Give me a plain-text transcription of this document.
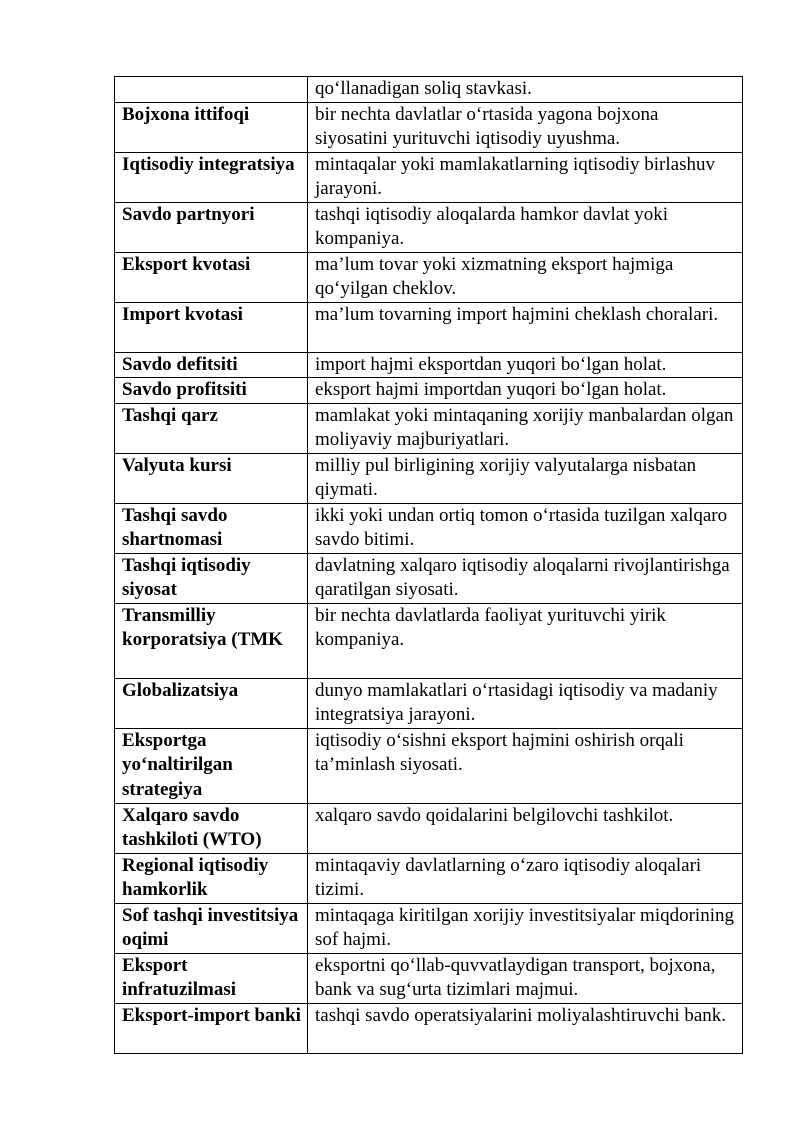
	qo‘llanadigan soliq stavkasi.
Bojxona ittifoqi	bir nechta davlatlar o‘rtasida yagona bojxona siyosatini yurituvchi iqtisodiy uyushma.
Iqtisodiy integratsiya	mintaqalar yoki mamlakatlarning iqtisodiy birlashuv jarayoni.
Savdo partnyori	tashqi iqtisodiy aloqalarda hamkor davlat yoki kompaniya.
Eksport kvotasi	ma’lum tovar yoki xizmatning eksport hajmiga qo‘yilgan cheklov.
Import kvotasi	ma’lum tovarning import hajmini cheklash choralari.
Savdo defitsiti	import hajmi eksportdan yuqori bo‘lgan holat.
Savdo profitsiti	eksport hajmi importdan yuqori bo‘lgan holat.
Tashqi qarz	mamlakat yoki mintaqaning xorijiy manbalardan olgan moliyaviy majburiyatlari.
Valyuta kursi	milliy pul birligining xorijiy valyutalarga nisbatan qiymati.
Tashqi savdo shartnomasi	ikki yoki undan ortiq tomon o‘rtasida tuzilgan xalqaro savdo bitimi.
Tashqi iqtisodiy siyosat	davlatning xalqaro iqtisodiy aloqalarni rivojlantirishga qaratilgan siyosati.
Transmilliy korporatsiya (TMK	bir nechta davlatlarda faoliyat yurituvchi yirik kompaniya.
Globalizatsiya	dunyo mamlakatlari o‘rtasidagi iqtisodiy va madaniy integratsiya jarayoni.
Eksportga yo‘naltirilgan strategiya	iqtisodiy o‘sishni eksport hajmini oshirish orqali ta’minlash siyosati.
Xalqaro savdo tashkiloti (WTO)	xalqaro savdo qoidalarini belgilovchi tashkilot.
Regional iqtisodiy hamkorlik	mintaqaviy davlatlarning o‘zaro iqtisodiy aloqalari tizimi.
Sof tashqi investitsiya oqimi	mintaqaga kiritilgan xorijiy investitsiyalar miqdorining sof hajmi.
Eksport infratuzilmasi	eksportni qo‘llab-quvvatlaydigan transport, bojxona, bank va sug‘urta tizimlari majmui.
Eksport-import banki	tashqi savdo operatsiyalarini moliyalashtiruvchi bank.
